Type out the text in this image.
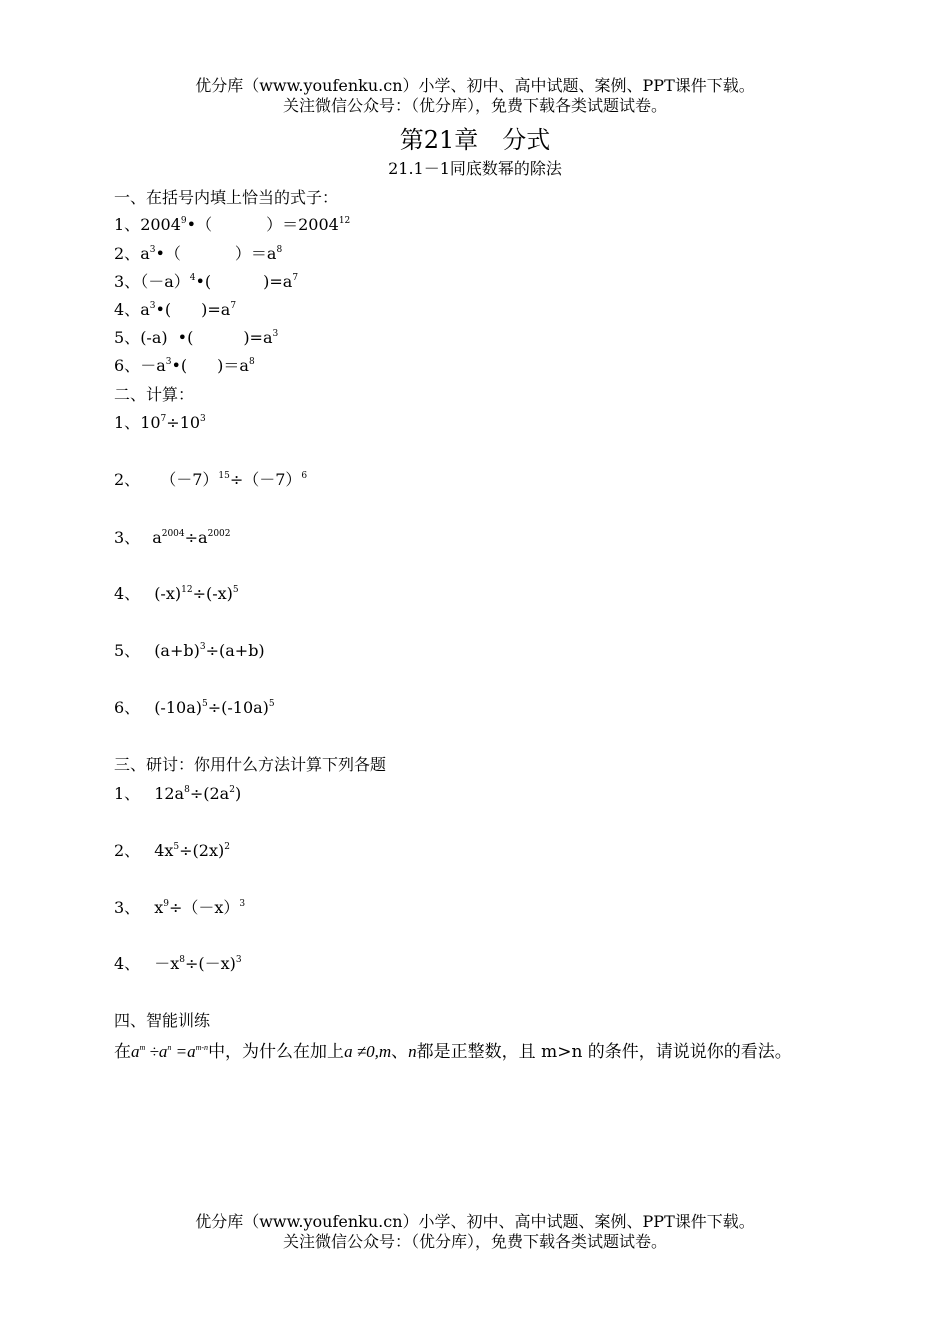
优分库（www.youfenku.cn）小学、初中、高中试题、案例、PPT课件下载。
关注微信公众号：（优分库），免费下载各类试题试卷。
第21章　分式
21.1－1同底数幂的除法
一、在括号内填上恰当的式子：
1、2004$^9$•（	）$=2004^{12}$
2、$a^3•$（	）$=a^8$
3、$(-a)^4•$(	)$=a^7$
4、$a^3•$( )$=a^7$
5、(-a) •(	)$=a^3$
6、$-a^3•$( )$=a^8$
二、计算：
1、$10^7\div 10^3$
2、 $(-7)^{15}\div(-7)^6$
3、 $a^{2004}\div a^{2002}$
4、 $(-x)^{12}\div(-x)^5$
5、 $(a+b)^3\div(a+b)$
6、 $(-10a)^5\div(-10a)^5$
三、研讨：你用什么方法计算下列各题
1、 $12a^8\div(2a^2)$
2、 $4x^5\div(2x)^2$
3、 $x^9\div(-x)^3$
4、 $-x^8\div(-x)^3$
四、智能训练
在$a^m \div a^n =a^{m-n}$中，为什么在加上a ≠0,m、n都是正整数，且 m>n 的条件，请说说你的看法。
优分库（www.youfenku.cn）小学、初中、高中试题、案例、PPT课件下载。
关注微信公众号：（优分库），免费下载各类试题试卷。
